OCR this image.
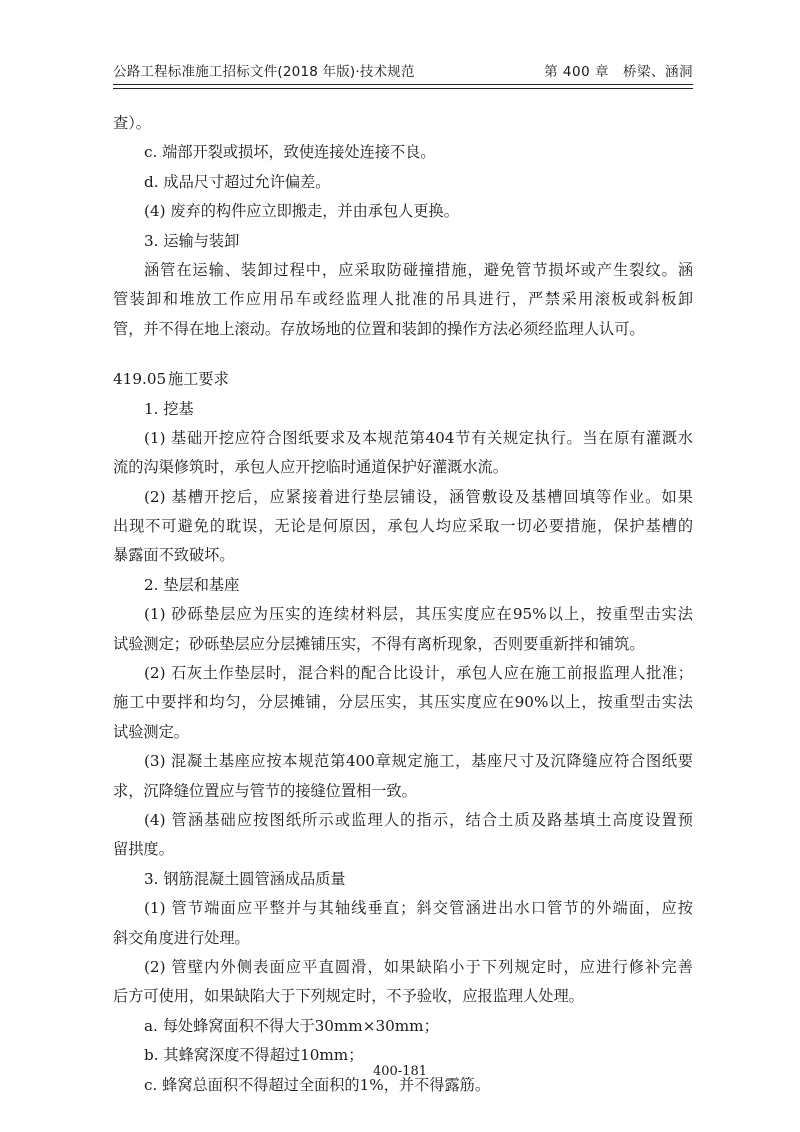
公路工程标准施工招标文件(2018 年版)·技术规范	第 400 章　桥梁、涵洞
查）。
c. 端部开裂或损坏，致使连接处连接不良。
d. 成品尺寸超过允许偏差。
(4) 废弃的构件应立即搬走，并由承包人更换。
3. 运输与装卸
涵管在运输、装卸过程中，应采取防碰撞措施，避免管节损坏或产生裂纹。涵
管装卸和堆放工作应用吊车或经监理人批准的吊具进行，严禁采用滚板或斜板卸
管，并不得在地上滚动。存放场地的位置和装卸的操作方法必须经监理人认可。
419.05 施工要求
1. 挖基
(1) 基础开挖应符合图纸要求及本规范第404节有关规定执行。当在原有灌溉水
流的沟渠修筑时，承包人应开挖临时通道保护好灌溉水流。
(2) 基槽开挖后，应紧接着进行垫层铺设，涵管敷设及基槽回填等作业。如果
出现不可避免的耽误，无论是何原因，承包人均应采取一切必要措施，保护基槽的
暴露面不致破坏。
2. 垫层和基座
(1) 砂砾垫层应为压实的连续材料层，其压实度应在95%以上，按重型击实法
试验测定；砂砾垫层应分层摊铺压实，不得有离析现象，否则要重新拌和铺筑。
(2) 石灰土作垫层时，混合料的配合比设计，承包人应在施工前报监理人批准；
施工中要拌和均匀，分层摊铺，分层压实，其压实度应在90%以上，按重型击实法
试验测定。
(3) 混凝土基座应按本规范第400章规定施工，基座尺寸及沉降缝应符合图纸要
求，沉降缝位置应与管节的接缝位置相一致。
(4) 管涵基础应按图纸所示或监理人的指示，结合土质及路基填土高度设置预
留拱度。
3. 钢筋混凝土圆管涵成品质量
(1) 管节端面应平整并与其轴线垂直；斜交管涵进出水口管节的外端面，应按
斜交角度进行处理。
(2) 管壁内外侧表面应平直圆滑，如果缺陷小于下列规定时，应进行修补完善
后方可使用，如果缺陷大于下列规定时，不予验收，应报监理人处理。
a. 每处蜂窝面积不得大于30mm×30mm；
b. 其蜂窝深度不得超过10mm；
c. 蜂窝总面积不得超过全面积的1%，并不得露筋。
400-181
